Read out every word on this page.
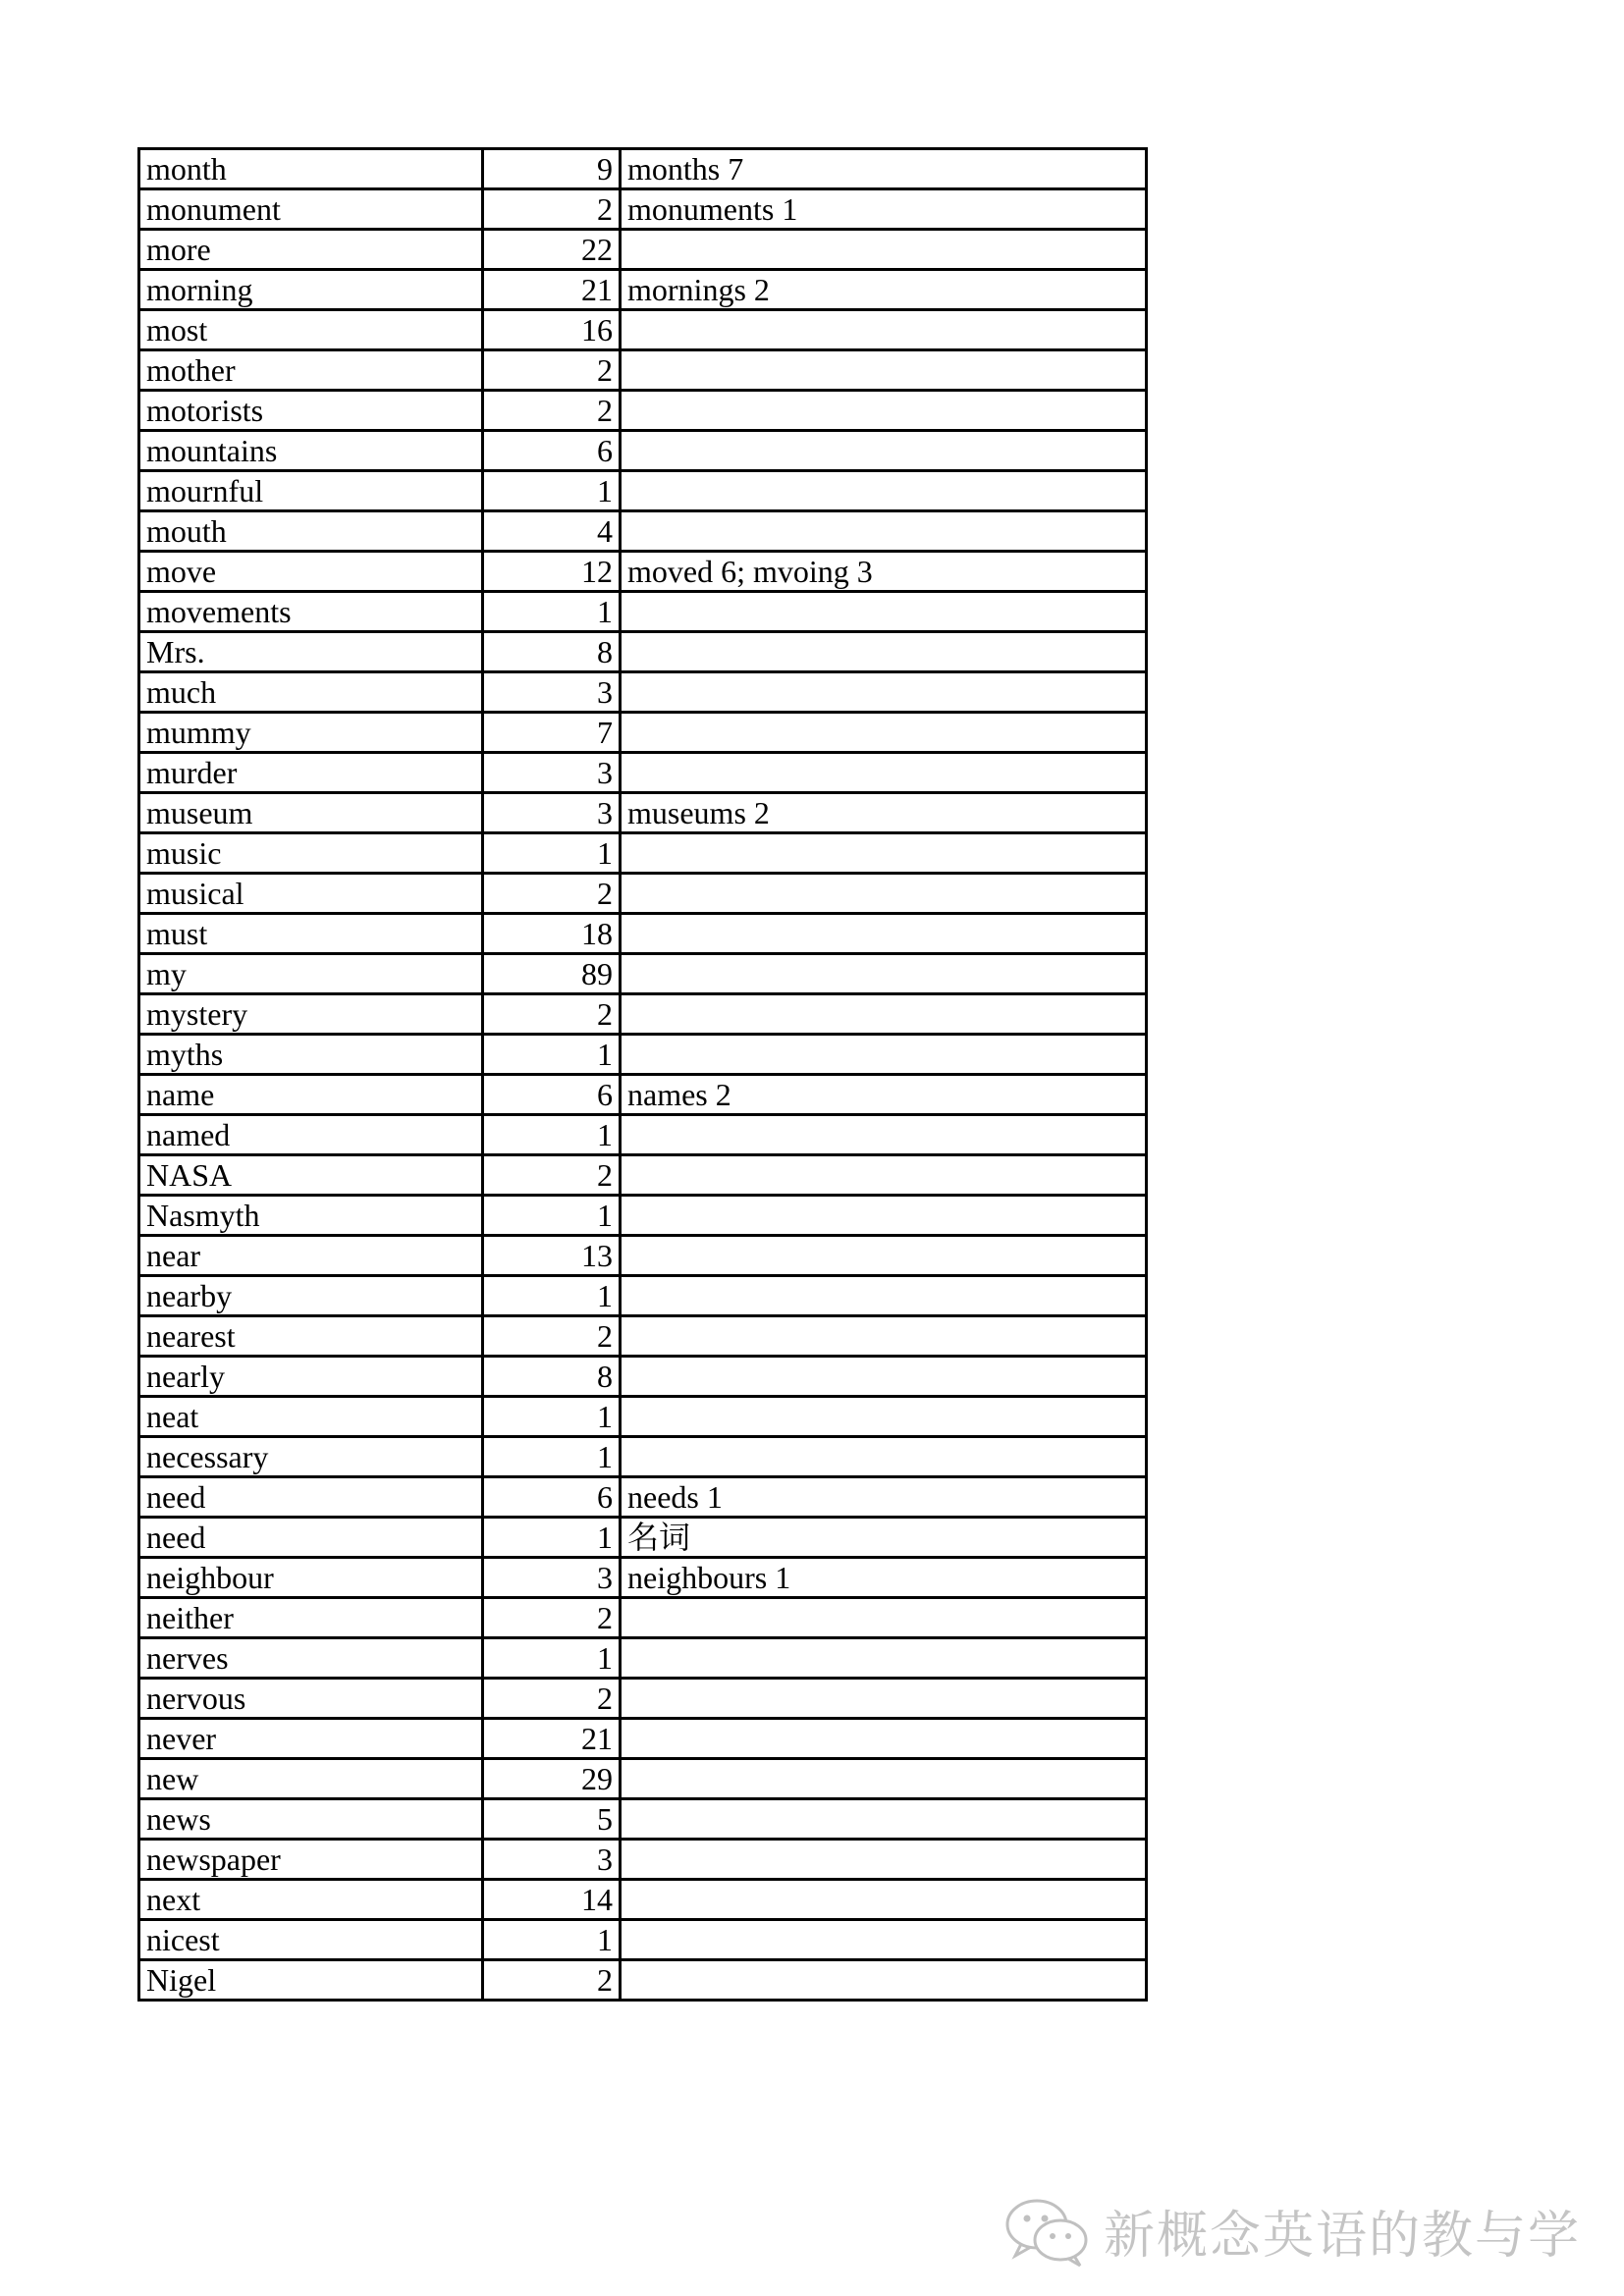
month	9	months 7
monument	2	monuments 1
more	22	
morning	21	mornings 2
most	16	
mother	2	
motorists	2	
mountains	6	
mournful	1	
mouth	4	
move	12	moved 6; mvoing 3
movements	1	
Mrs.	8	
much	3	
mummy	7	
murder	3	
museum	3	museums 2
music	1	
musical	2	
must	18	
my	89	
mystery	2	
myths	1	
name	6	names 2
named	1	
NASA	2	
Nasmyth	1	
near	13	
nearby	1	
nearest	2	
nearly	8	
neat	1	
necessary	1	
need	6	needs 1
need	1	名词
neighbour	3	neighbours 1
neither	2	
nerves	1	
nervous	2	
never	21	
new	29	
news	5	
newspaper	3	
next	14	
nicest	1	
Nigel	2	
新概念英语的教与学
